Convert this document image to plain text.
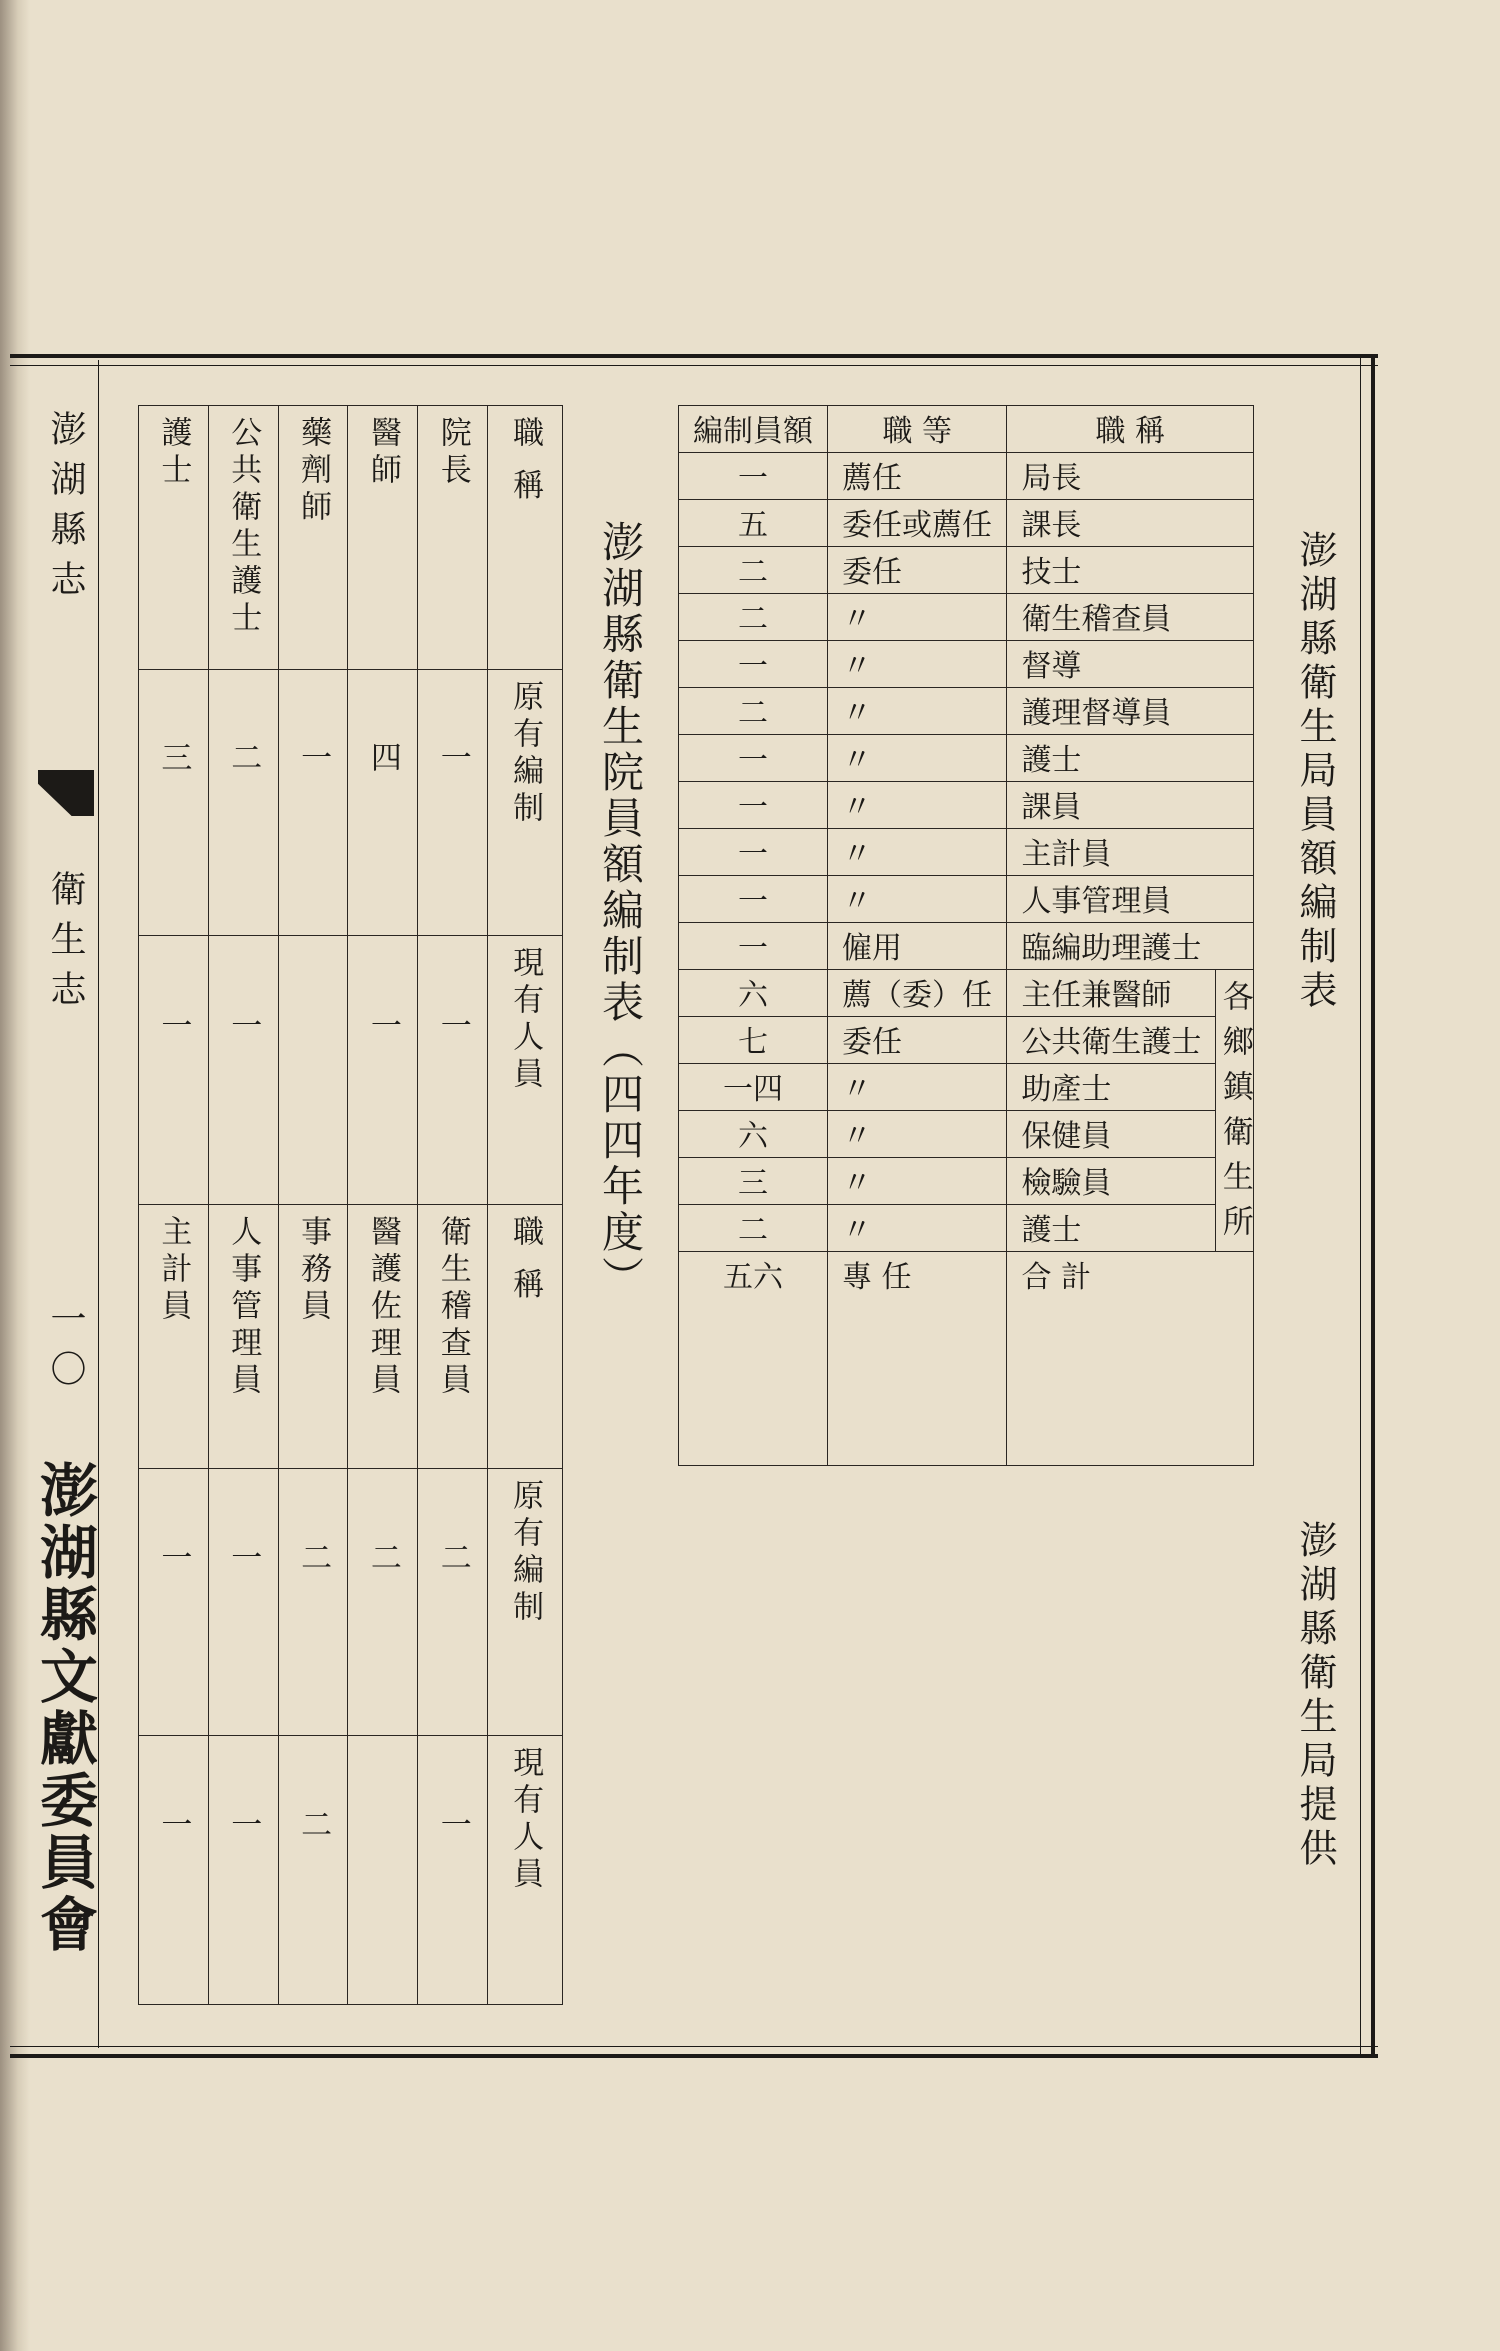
澎湖縣志
衛生志
一〇
澎湖縣文獻委員會
澎湖縣衛生局員額編制表
澎湖縣衛生局提供
編制員額	職 等	職 稱	

一	薦任	局長	

五	委任或薦任	課長	

二	委任	技士	

二	〃	衛生稽查員	

一	〃	督導	

二	〃	護理督導員	

一	〃	護士	

一	〃	課員	

一	〃	主計員	

一	〃	人事管理員	

一	僱用	臨編助理護士	

六	薦（委）任	主任兼醫師	各鄉鎮衛生所

七	委任	公共衛生護士	

一四	〃	助產士	

六	〃	保健員	

三	〃	檢驗員	

二	〃	護士	

五六	專 任	合 計	
澎湖縣衛生院員額編制表（四四年度）
護士	公共衛生護士	藥劑師	醫師	院長	職 稱

三	二	一	四	一	原有編制

一	一		一	一	現有人員

主計員	人事管理員	事務員	醫護佐理員	衛生稽查員	職 稱

一	一	二	二	二	原有編制

一	一	二		一	現有人員
